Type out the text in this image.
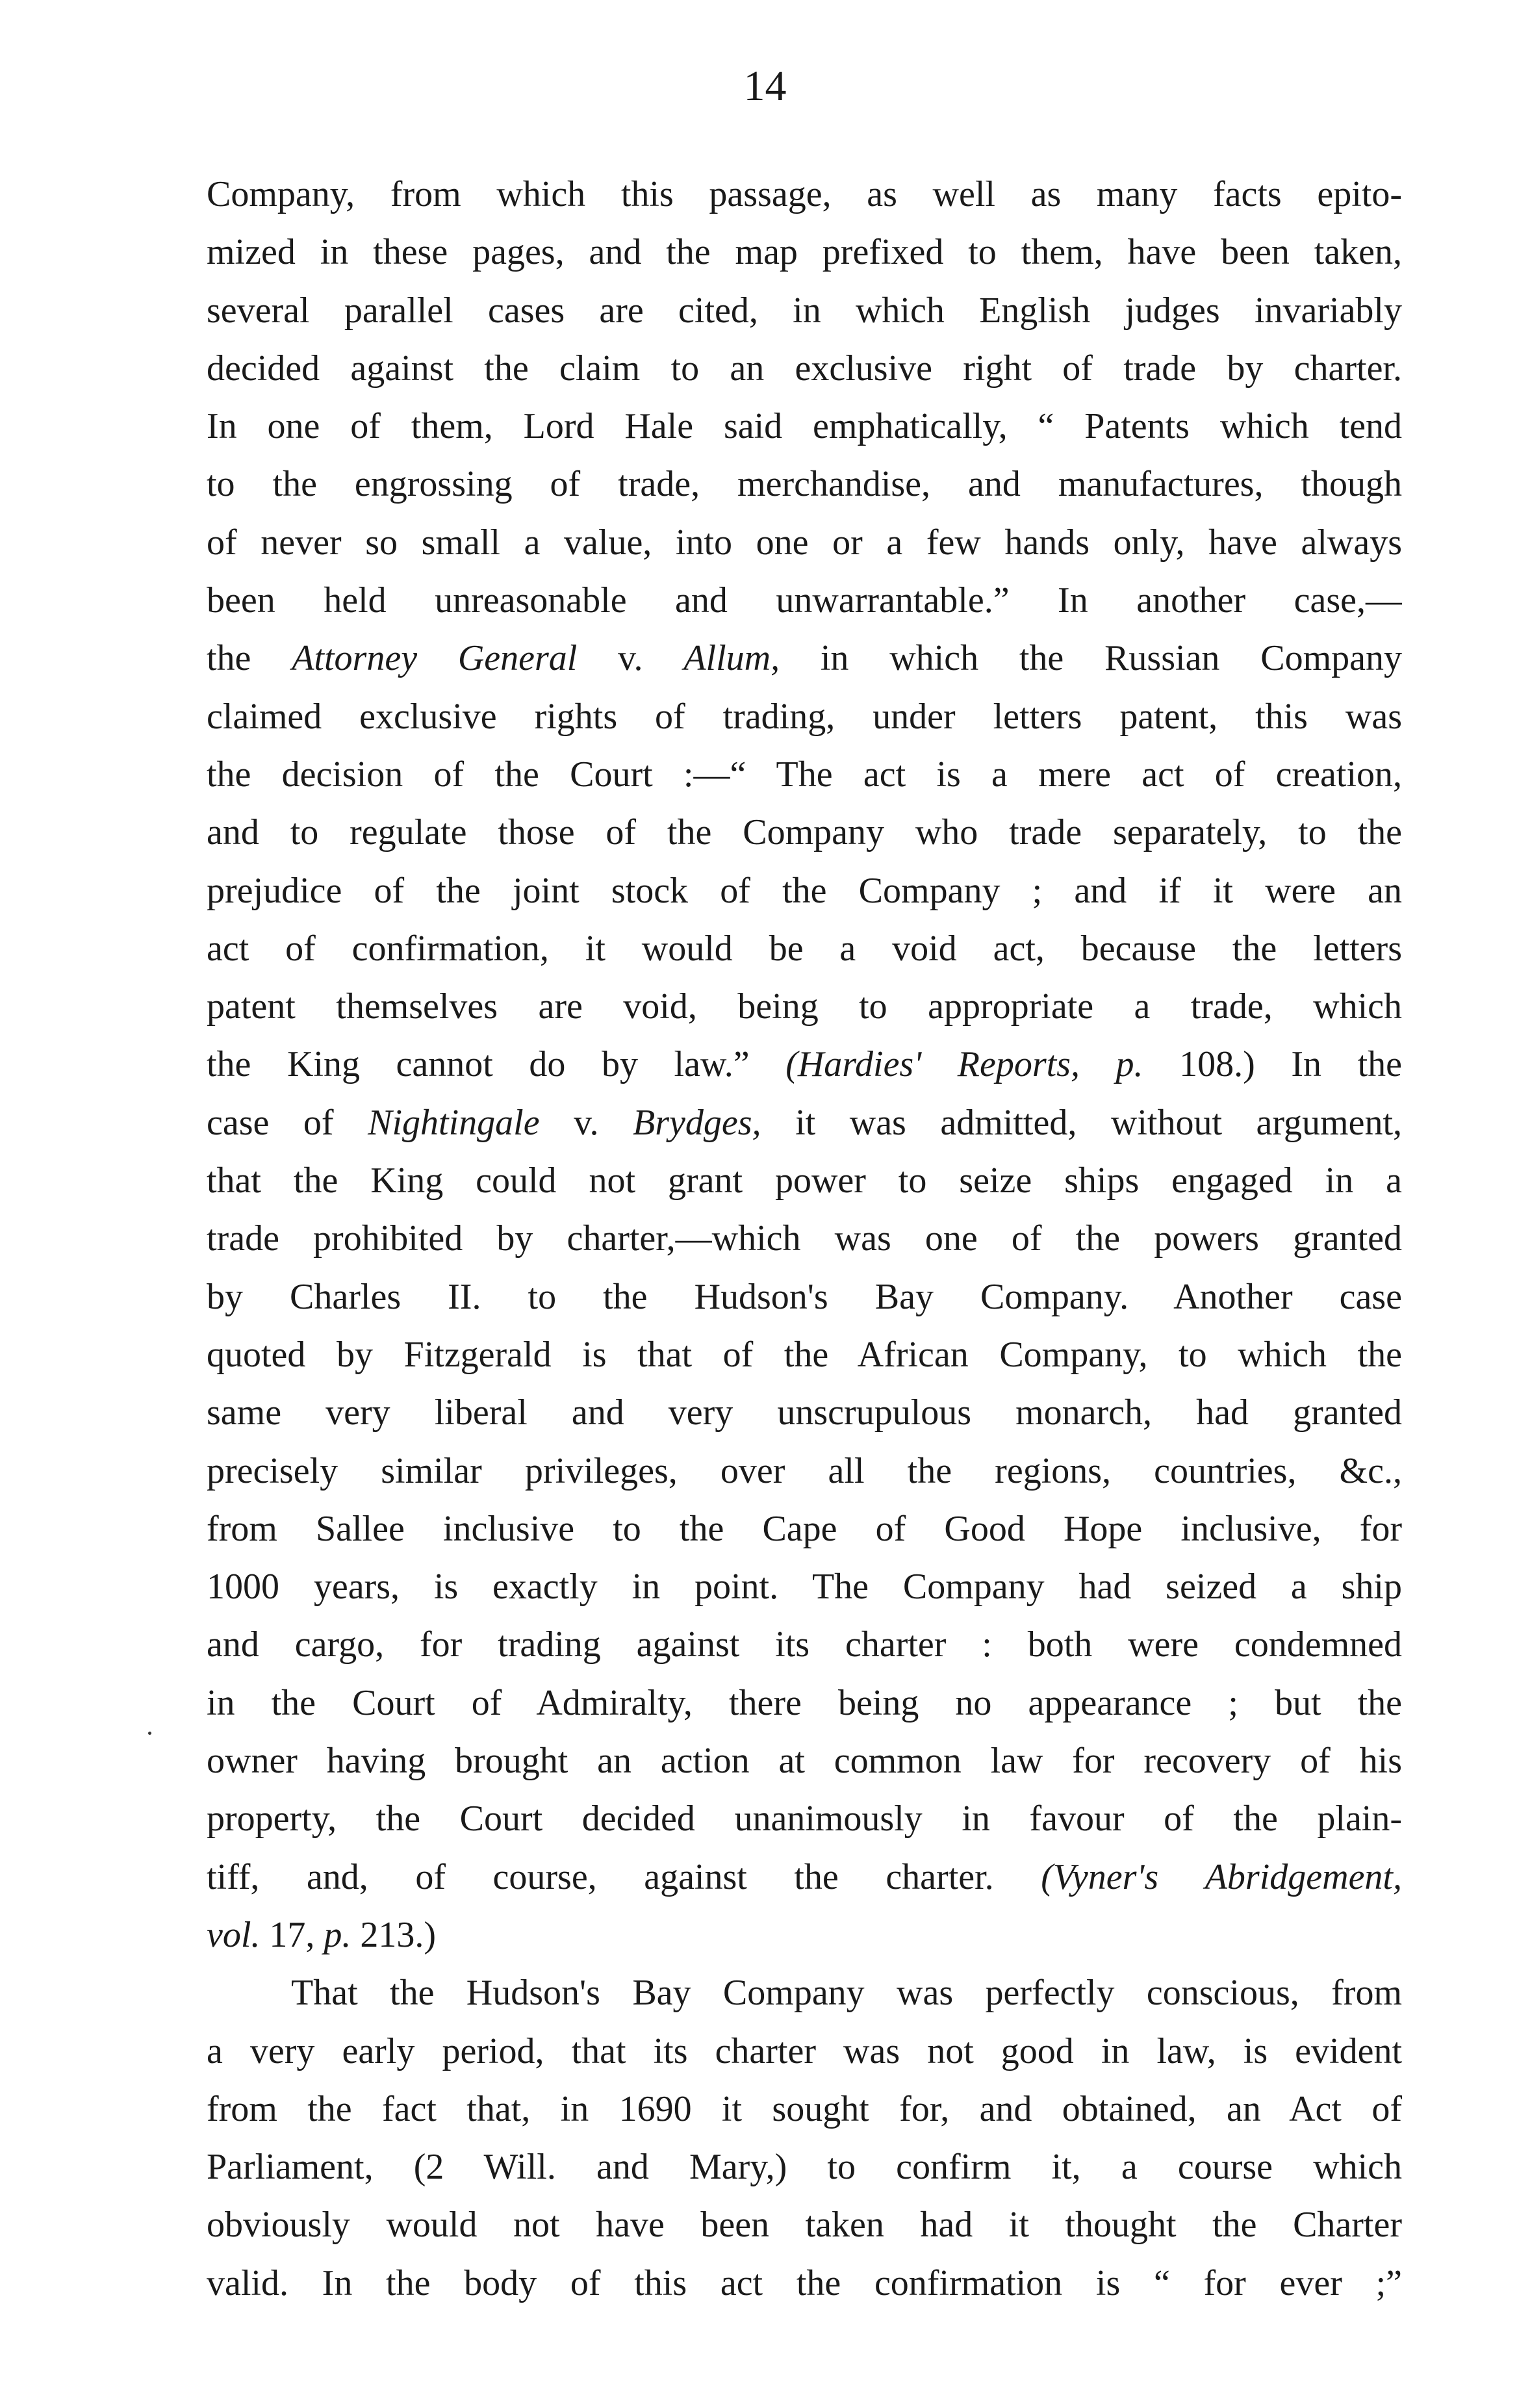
14
Company, from which this passage, as well as many facts epito-
mized in these pages, and the map prefixed to them, have been taken,
several parallel cases are cited, in which English judges invariably
decided against the claim to an exclusive right of trade by charter.
In one of them, Lord Hale said emphatically, “ Patents which tend
to the engrossing of trade, merchandise, and manufactures, though
of never so small a value, into one or a few hands only, have always
been held unreasonable and unwarrantable.” In another case,—
the Attorney General v. Allum, in which the Russian Company
claimed exclusive rights of trading, under letters patent, this was
the decision of the Court :—“ The act is a mere act of creation,
and to regulate those of the Company who trade separately, to the
prejudice of the joint stock of the Company ; and if it were an
act of confirmation, it would be a void act, because the letters
patent themselves are void, being to appropriate a trade, which
the King cannot do by law.” (Hardies' Reports, p. 108.) In the
case of Nightingale v. Brydges, it was admitted, without argument,
that the King could not grant power to seize ships engaged in a
trade prohibited by charter,—which was one of the powers granted
by Charles II. to the Hudson's Bay Company. Another case
quoted by Fitzgerald is that of the African Company, to which the
same very liberal and very unscrupulous monarch, had granted
precisely similar privileges, over all the regions, countries, &c.,
from Sallee inclusive to the Cape of Good Hope inclusive, for
1000 years, is exactly in point. The Company had seized a ship
and cargo, for trading against its charter : both were condemned
in the Court of Admiralty, there being no appearance ; but the
owner having brought an action at common law for recovery of his
property, the Court decided unanimously in favour of the plain-
tiff, and, of course, against the charter. (Vyner's Abridgement,
vol. 17, p. 213.)
That the Hudson's Bay Company was perfectly conscious, from
a very early period, that its charter was not good in law, is evident
from the fact that, in 1690 it sought for, and obtained, an Act of
Parliament, (2 Will. and Mary,) to confirm it, a course which
obviously would not have been taken had it thought the Charter
valid. In the body of this act the confirmation is “ for ever ;”
